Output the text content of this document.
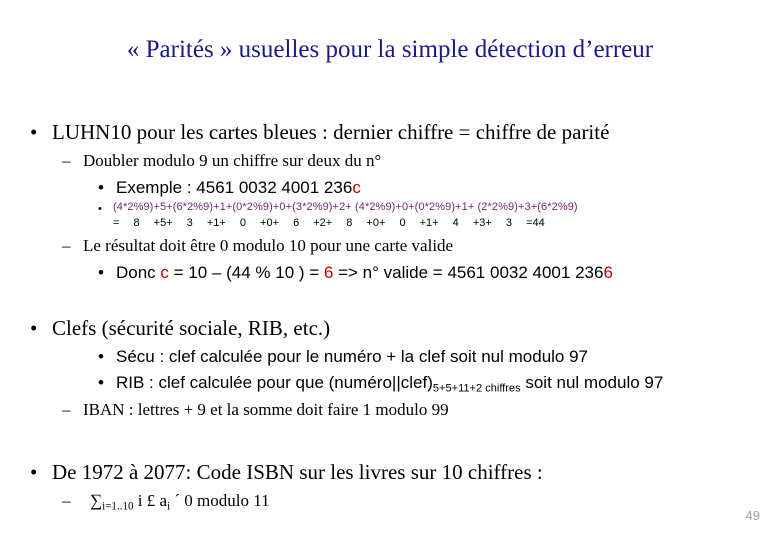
« Parités » usuelles pour la simple détection d’erreur
• LUHN10 pour les cartes bleues : dernier chiffre = chiffre de parité
– Doubler modulo 9 un chiffre sur deux du n°
• Exemple : 4561 0032 4001 236c
• (4*2%9)+5+(6*2%9)+1+(0*2%9)+0+(3*2%9)+2+ (4*2%9)+0+(0*2%9)+1+ (2*2%9)+3+(6*2%9)
= 8 +5+ 3 +1+ 0 +0+ 6 +2+ 8 +0+ 0 +1+ 4 +3+ 3 =44
– Le résultat doit être 0 modulo 10 pour une carte valide
• Donc c = 10 – (44 % 10 ) = 6 => n° valide = 4561 0032 4001 2366
• Clefs (sécurité sociale, RIB, etc.)
• Sécu : clef calculée pour le numéro + la clef soit nul modulo 97
• RIB : clef calculée pour que $(numéro||clef)_{5+5+11+2 chiffres}$ soit nul modulo 97
– IBAN : lettres + 9 et la somme doit faire 1 modulo 99
• De 1972 à 2077: Code ISBN sur les livres sur 10 chiffres :
– $\sum_{i=1..10}$ i £ $a_i$ ´ 0 modulo 11
49
